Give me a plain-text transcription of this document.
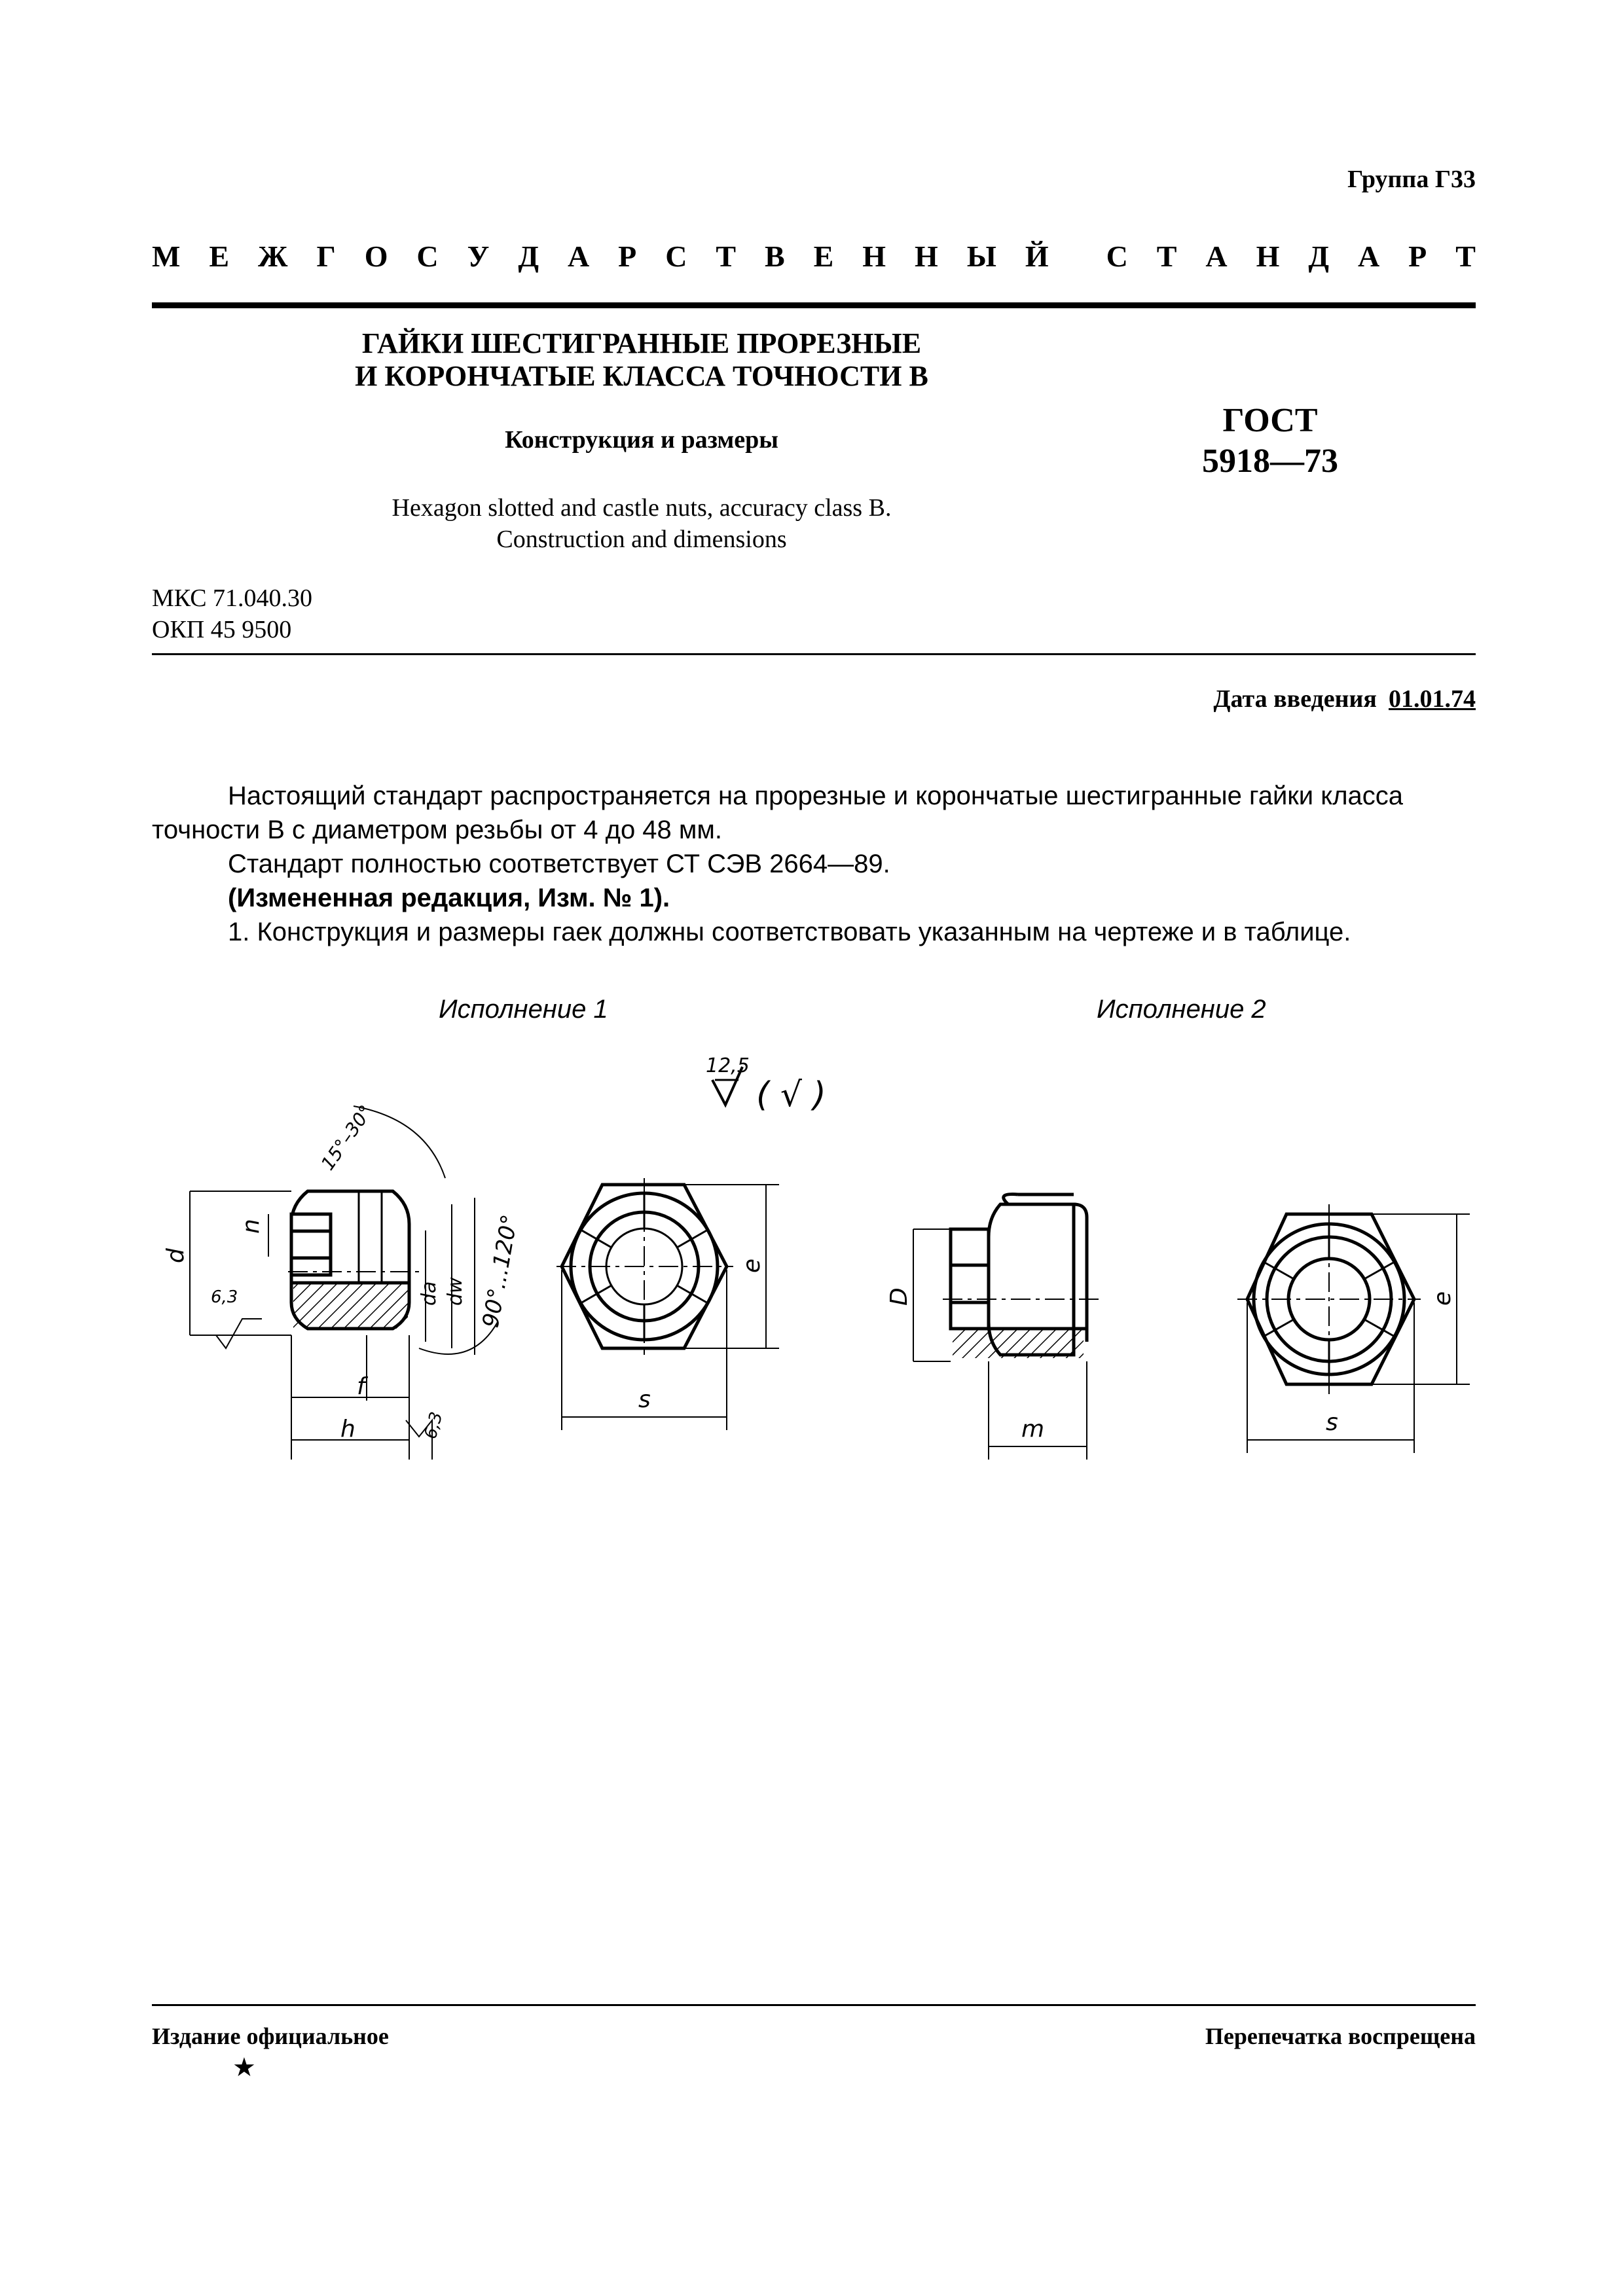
Группа Г33
М Е Ж Г О С У Д А Р С Т В Е Н Н Ы Й С Т А Н Д А Р Т
ГАЙКИ ШЕСТИГРАННЫЕ ПРОРЕЗНЫЕ
И КОРОНЧАТЫЕ КЛАССА ТОЧНОСТИ В
Конструкция и размеры
Hexagon slotted and castle nuts, accuracy class B.
Construction and dimensions
ГОСТ
5918—73
МКС 71.040.30
ОКП 45 9500
Дата введения 01.01.74

Настоящий стандарт распространяется на прорезные и корончатые шестигранные гайки класса точности В с диаметром резьбы от 4 до 48 мм.

Стандарт полностью соответствует СТ СЭВ 2664—89.

(Измененная редакция, Изм. № 1).

1. Конструкция и размеры гаек должны соответствовать указанным на чертеже и в таблице.

Исполнение 1	Исполнение 2
12,5
( √ )
d
n
6,3	da dw 90°...120°
15°–30°
f
h	6,3
e
s
D
m
e
s
Издание официальное	Перепечатка воспрещена
★
